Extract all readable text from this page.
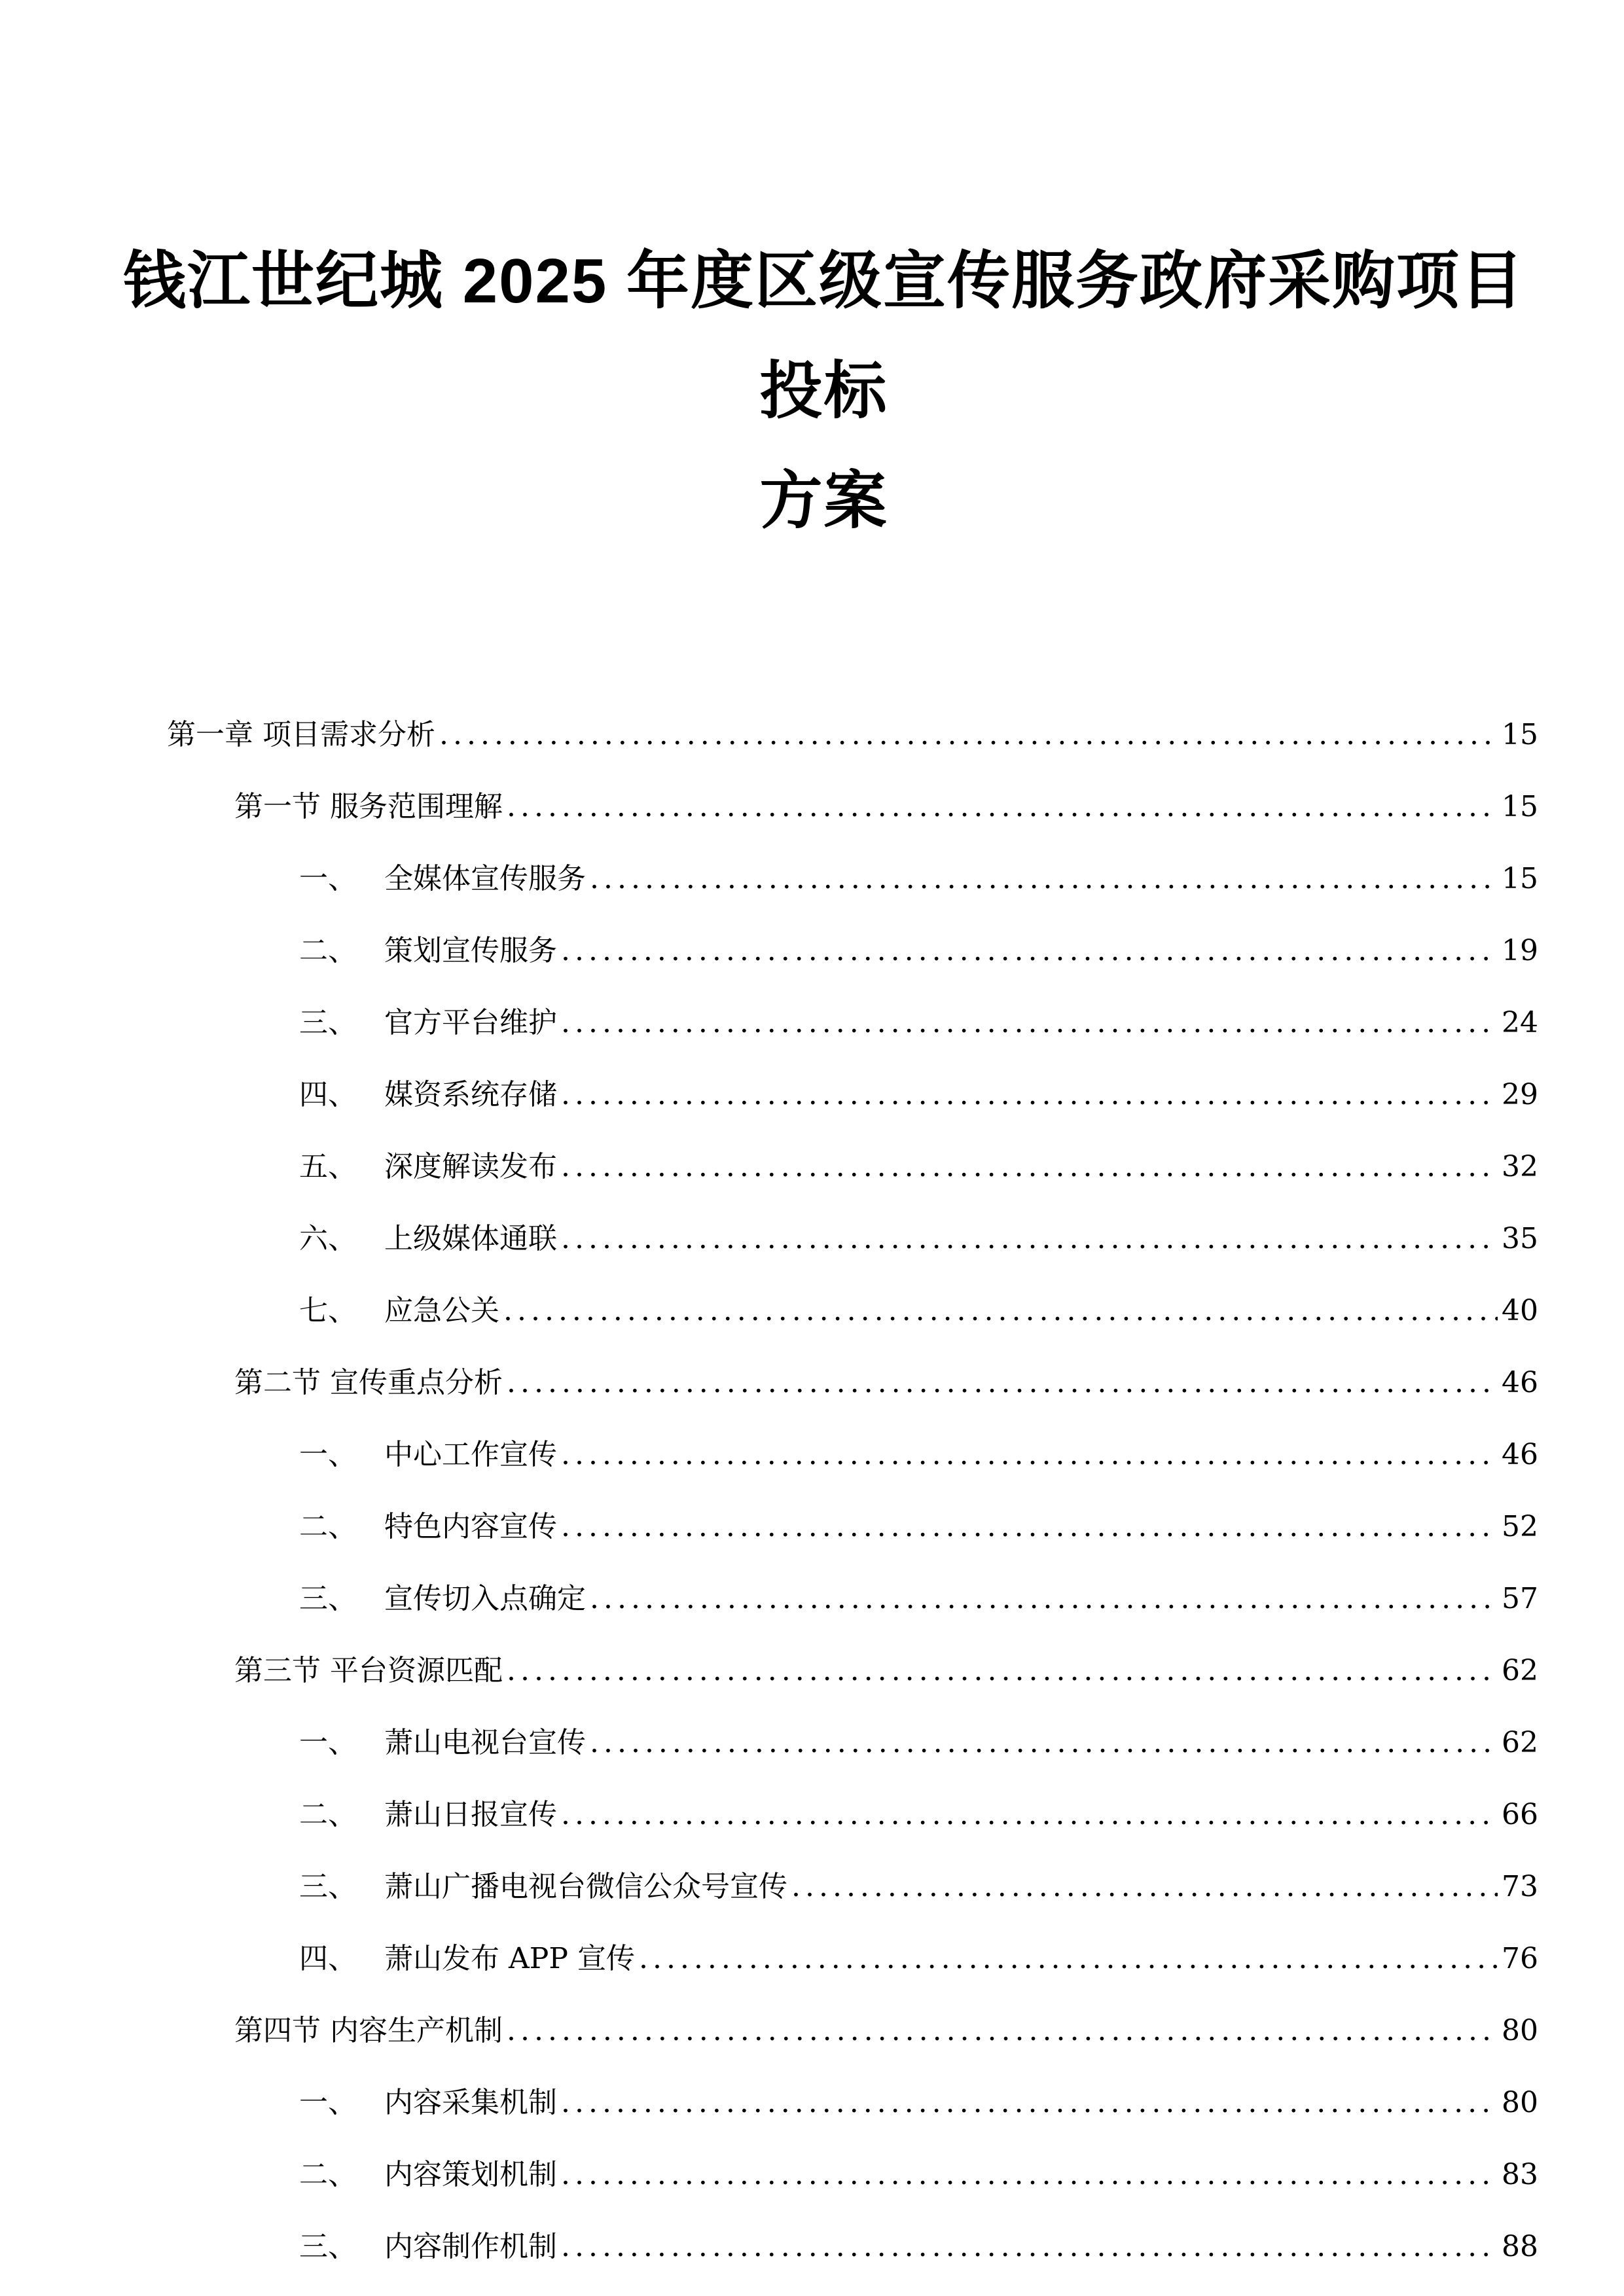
钱江世纪城 2025 年度区级宣传服务政府采购项目投标
方案
第一章 项目需求分析 .....	15
第一节 服务范围理解 .....	15
一、 全媒体宣传服务 .....	15
二、 策划宣传服务 .....	19
三、 官方平台维护 .....	24
四、 媒资系统存储 .....	29
五、 深度解读发布 .....	32
六、 上级媒体通联 .....	35
七、 应急公关 .....	40
第二节 宣传重点分析 .....	46
一、 中心工作宣传 .....	46
二、 特色内容宣传 .....	52
三、 宣传切入点确定 .....	57
第三节 平台资源匹配 .....	62
一、 萧山电视台宣传 .....	62
二、 萧山日报宣传 .....	66
三、 萧山广播电视台微信公众号宣传 .....	73
四、 萧山发布 APP 宣传 .....	76
第四节 内容生产机制 .....	80
一、 内容采集机制 .....	80
二、 内容策划机制 .....	83
三、 内容制作机制 .....	88
